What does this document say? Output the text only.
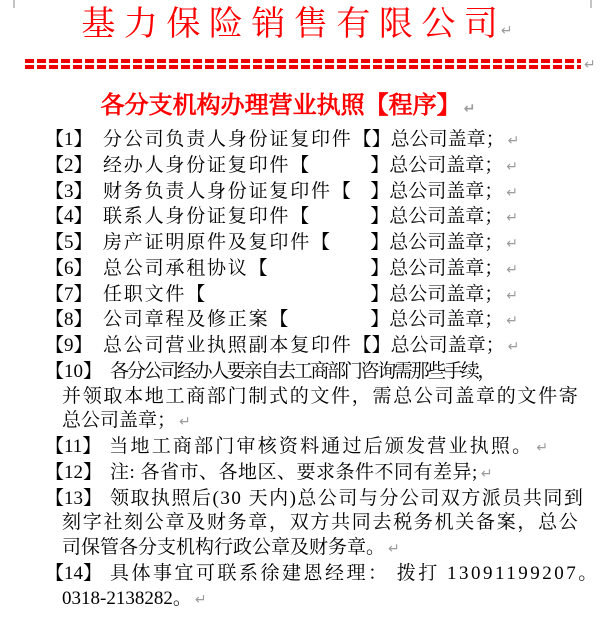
基 力 保 险 销 售 有 限 公 司 ↵
↵
各分支机构办理营业执照【程序】 ↵
【1】 分公司负责人身份证复印件【 】总公司盖章； ↵
【2】 经办人身份证复印件【	】总公司盖章； ↵
【3】 财务负责人身份证复印件【 】总公司盖章； ↵
【4】 联系人身份证复印件【	】总公司盖章； ↵
【5】 房产证明原件及复印件【 】总公司盖章； ↵
【6】 总公司承租协议【	】总公司盖章； ↵
【7】 任职文件【	】总公司盖章； ↵
【8】 公司章程及修正案【	】总公司盖章； ↵
【9】 总公司营业执照副本复印件【 】总公司盖章； ↵
【10】 各分公司经办人要亲自去工商部门咨询需那些手续，
并领取本地工商部门制式的文件，需总公司盖章的文件寄
总公司盖章； ↵
【11】 当地工商部门审核资料通过后颁发营业执照。 ↵
【12】 注: 各省市、各地区、要求条件不同有差异; ↵
【13】 领取执照后(30 天内)总公司与分公司双方派员共同到
刻字社刻公章及财务章，双方共同去税务机关备案，总公
司保管各分支机构行政公章及财务章。 ↵
【14】 具体事宜可联系徐建恩经理： 拨打 13091199207。
0318-2138282。 ↵
